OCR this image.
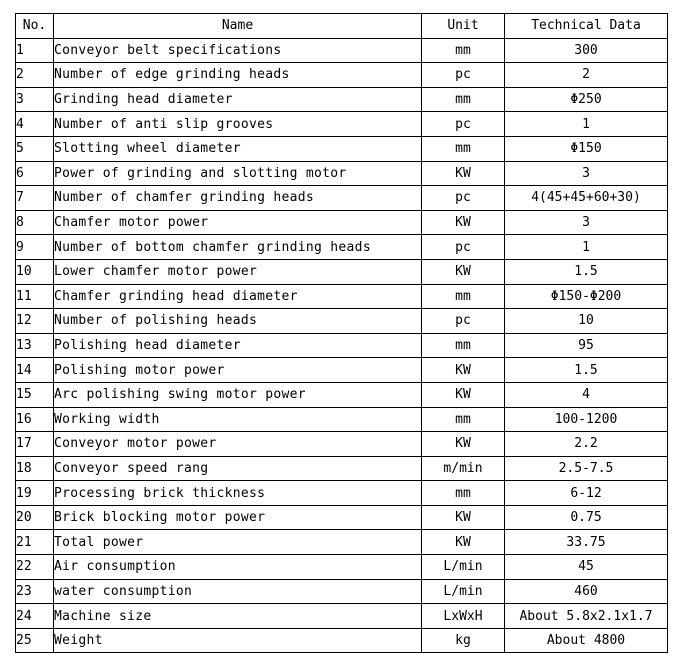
No.	Name	Unit	Technical Data
1	Conveyor belt specifications	mm	300
2	Number of edge grinding heads	pc	2
3	Grinding head diameter	mm	Φ250
4	Number of anti slip grooves	pc	1
5	Slotting wheel diameter	mm	Φ150
6	Power of grinding and slotting motor	KW	3
7	Number of chamfer grinding heads	pc	4(45+45+60+30)
8	Chamfer motor power	KW	3
9	Number of bottom chamfer grinding heads	pc	1
10	Lower chamfer motor power	KW	1.5
11	Chamfer grinding head diameter	mm	Φ150-Φ200
12	Number of polishing heads	pc	10
13	Polishing head diameter	mm	95
14	Polishing motor power	KW	1.5
15	Arc polishing swing motor power	KW	4
16	Working width	mm	100-1200
17	Conveyor motor power	KW	2.2
18	Conveyor speed rang	m/min	2.5-7.5
19	Processing brick thickness	mm	6-12
20	Brick blocking motor power	KW	0.75
21	Total power	KW	33.75
22	Air consumption	L/min	45
23	water consumption	L/min	460
24	Machine size	LxWxH	About 5.8x2.1x1.7
25	Weight	kg	About 4800
